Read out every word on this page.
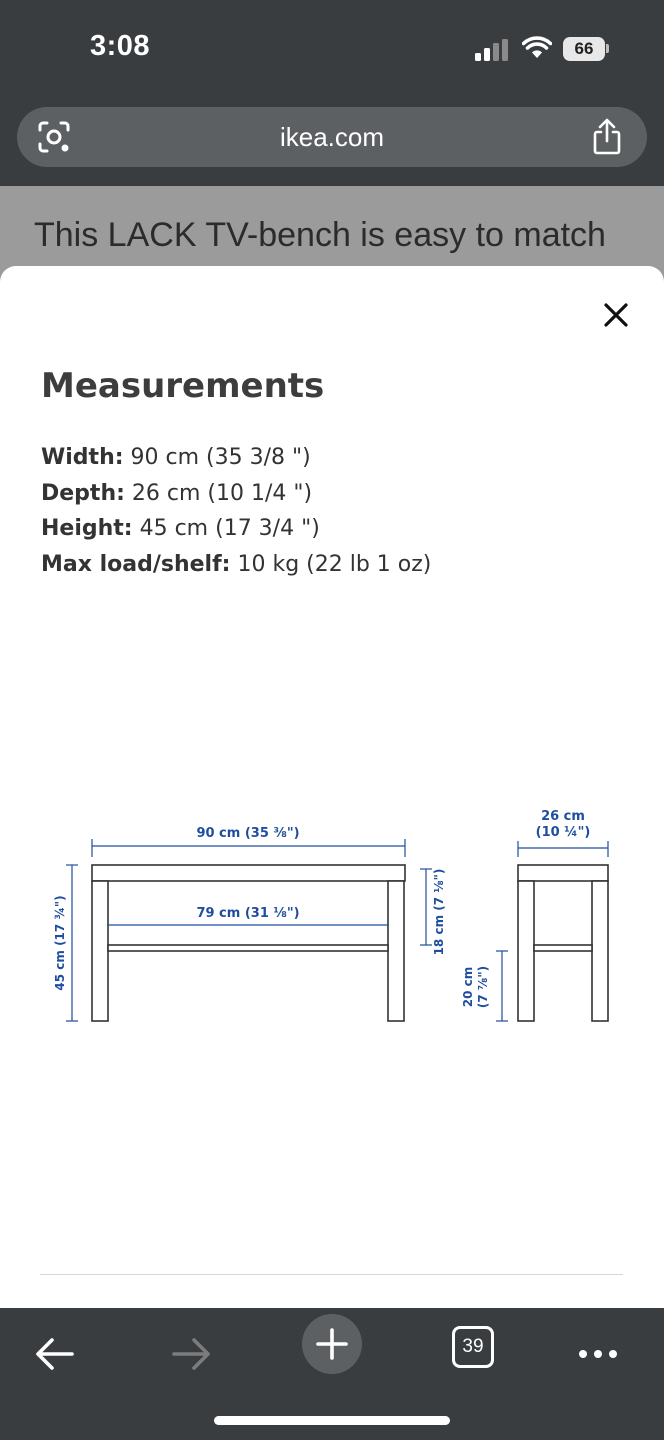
3:08	66
ikea.com
This LACK TV-bench is easy to match
Measurements
Width: 90 cm (35 3/8 ")
Depth: 26 cm (10 1/4 ")
Height: 45 cm (17 3/4 ")
Max load/shelf: 10 kg (22 lb 1 oz)
90 cm (35 ⅜")
79 cm (31 ⅛")
45 cm (17 ¾")	18 cm (7 ⅛")
26 cm
(10 ¼")
20 cm (7 ⅞")
39
